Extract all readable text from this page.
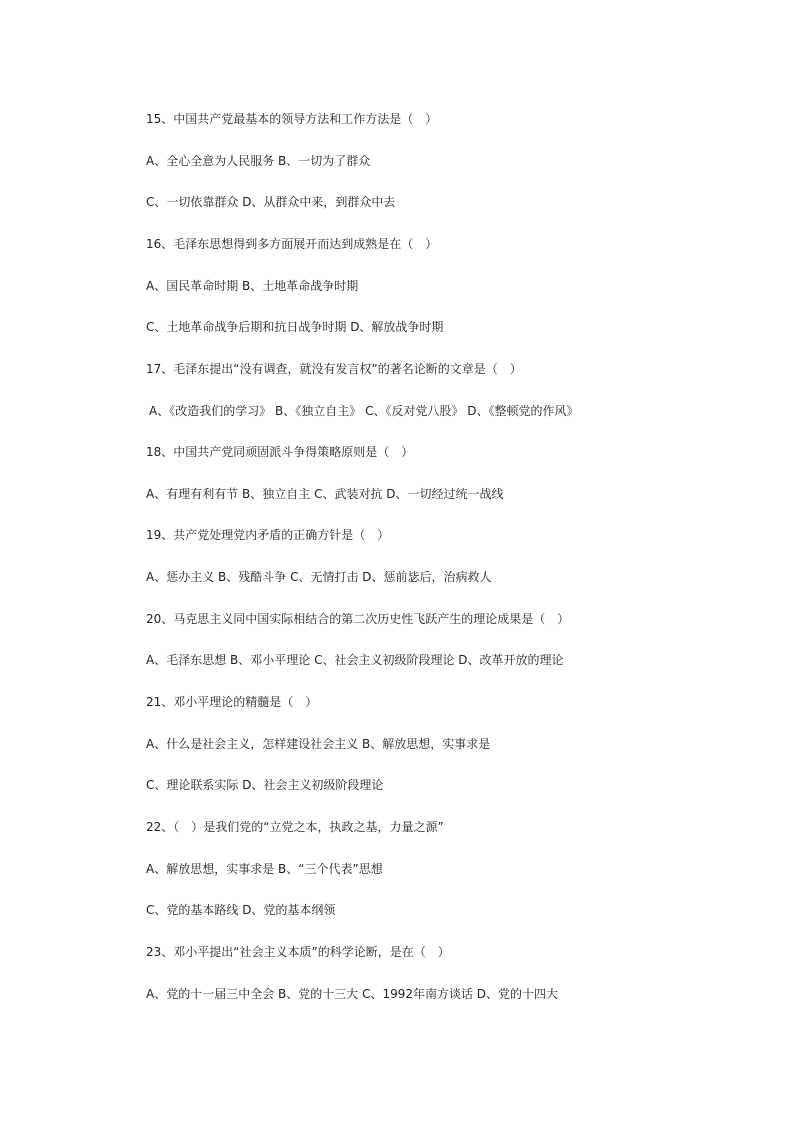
15、中国共产党最基本的领导方法和工作方法是（　）
A、全心全意为人民服务 B、一切为了群众
C、一切依靠群众 D、从群众中来，到群众中去
16、毛泽东思想得到多方面展开而达到成熟是在（　）
A、国民革命时期 B、土地革命战争时期
C、土地革命战争后期和抗日战争时期 D、解放战争时期
17、毛泽东提出“没有调查，就没有发言权”的著名论断的文章是（　）
A、《改造我们的学习》 B、《独立自主》 C、《反对党八股》 D、《整顿党的作风》
18、中国共产党同顽固派斗争得策略原则是（　）
A、有理有利有节 B、独立自主 C、武装对抗 D、一切经过统一战线
19、共产党处理党内矛盾的正确方针是（　）
A、惩办主义 B、残酷斗争 C、无情打击 D、惩前毖后，治病救人
20、马克思主义同中国实际相结合的第二次历史性飞跃产生的理论成果是（　）
A、毛泽东思想 B、邓小平理论 C、社会主义初级阶段理论 D、改革开放的理论
21、邓小平理论的精髓是（　）
A、什么是社会主义，怎样建设社会主义 B、解放思想，实事求是
C、理论联系实际 D、社会主义初级阶段理论
22、（　）是我们党的“立党之本，执政之基，力量之源”
A、解放思想，实事求是 B、“三个代表”思想
C、党的基本路线 D、党的基本纲领
23、邓小平提出“社会主义本质”的科学论断，是在（　）
A、党的十一届三中全会 B、党的十三大 C、1992年南方谈话 D、党的十四大
